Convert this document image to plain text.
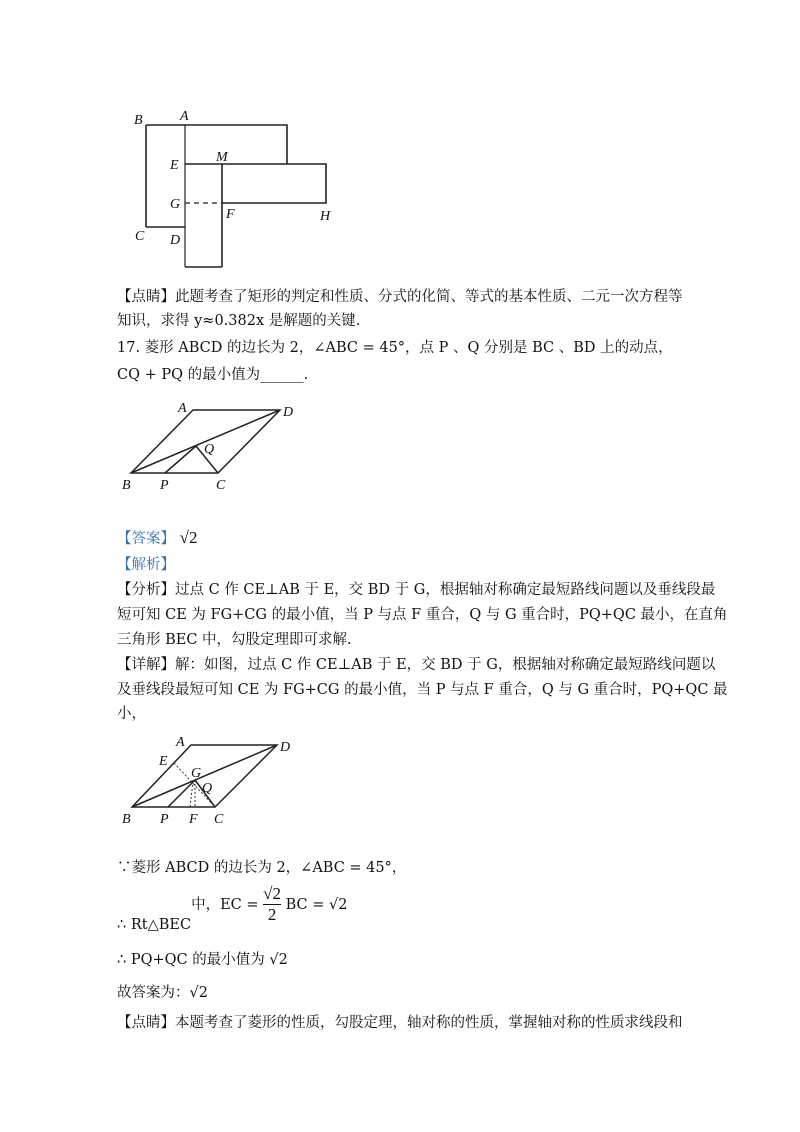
B	A
E
M
G
F	H
C D
【点睛】此题考查了矩形的判定和性质、分式的化简、等式的基本性质、二元一次方程等
知识，求得 y≈0.382x 是解题的关键.
17. 菱形 ABCD 的边长为 2，∠ABC = 45°，点 P 、Q 分别是 BC 、BD 上的动点，
CQ + PQ 的最小值为______.
A	D
Q
B P	C
【答案】 √2
【解析】
【分析】过点 C 作 CE⊥AB 于 E，交 BD 于 G，根据轴对称确定最短路线问题以及垂线段最
短可知 CE 为 FG+CG 的最小值，当 P 与点 F 重合，Q 与 G 重合时，PQ+QC 最小，在直角
三角形 BEC 中，勾股定理即可求解.
【详解】解：如图，过点 C 作 CE⊥AB 于 E，交 BD 于 G，根据轴对称确定最短路线问题以
及垂线段最短可知 CE 为 FG+CG 的最小值，当 P 与点 F 重合，Q 与 G 重合时，PQ+QC 最
小，
A	D
E
G
Q
B P F C
∵菱形 ABCD 的边长为 2，∠ABC = 45°，
∴ Rt△BEC中，EC = $\frac{√2}{2}$ BC = √2
∴ PQ+QC 的最小值为 √2
故答案为：√2
【点睛】本题考查了菱形的性质，勾股定理，轴对称的性质，掌握轴对称的性质求线段和
